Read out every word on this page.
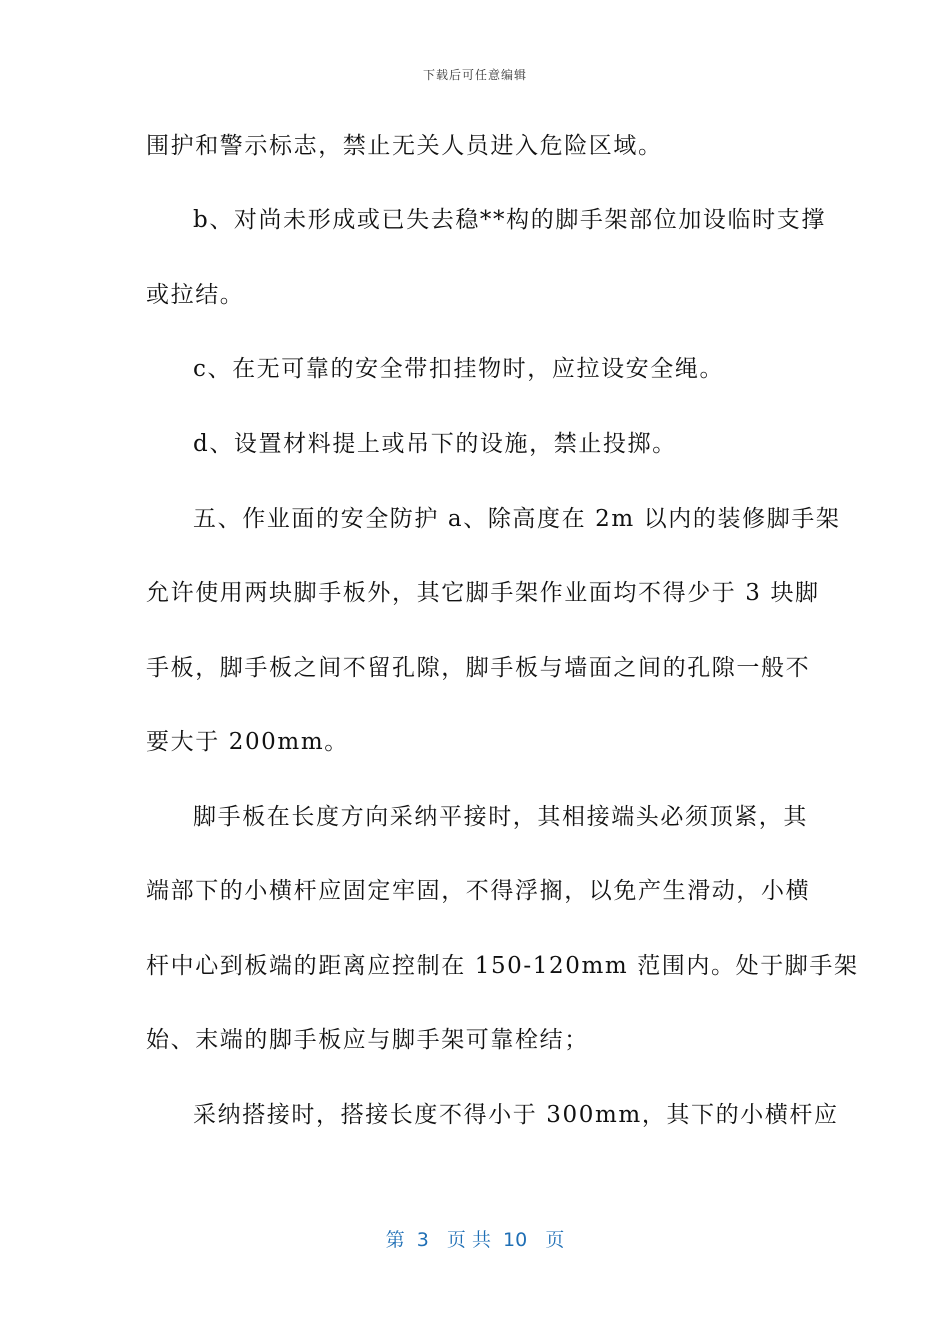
下载后可任意编辑
围护和警示标志，禁止无关人员进入危险区域。
b、对尚未形成或已失去稳**构的脚手架部位加设临时支撑
或拉结。
c、在无可靠的安全带扣挂物时，应拉设安全绳。
d、设置材料提上或吊下的设施，禁止投掷。
五、作业面的安全防护 a、除高度在 2m 以内的装修脚手架
允许使用两块脚手板外，其它脚手架作业面均不得少于 3 块脚
手板，脚手板之间不留孔隙，脚手板与墙面之间的孔隙一般不
要大于 200mm。
脚手板在长度方向采纳平接时，其相接端头必须顶紧，其
端部下的小横杆应固定牢固，不得浮搁，以免产生滑动，小横
杆中心到板端的距离应控制在 150-120mm 范围内。处于脚手架
始、末端的脚手板应与脚手架可靠栓结；
采纳搭接时，搭接长度不得小于 300mm，其下的小横杆应
第  3   页 共  10   页
